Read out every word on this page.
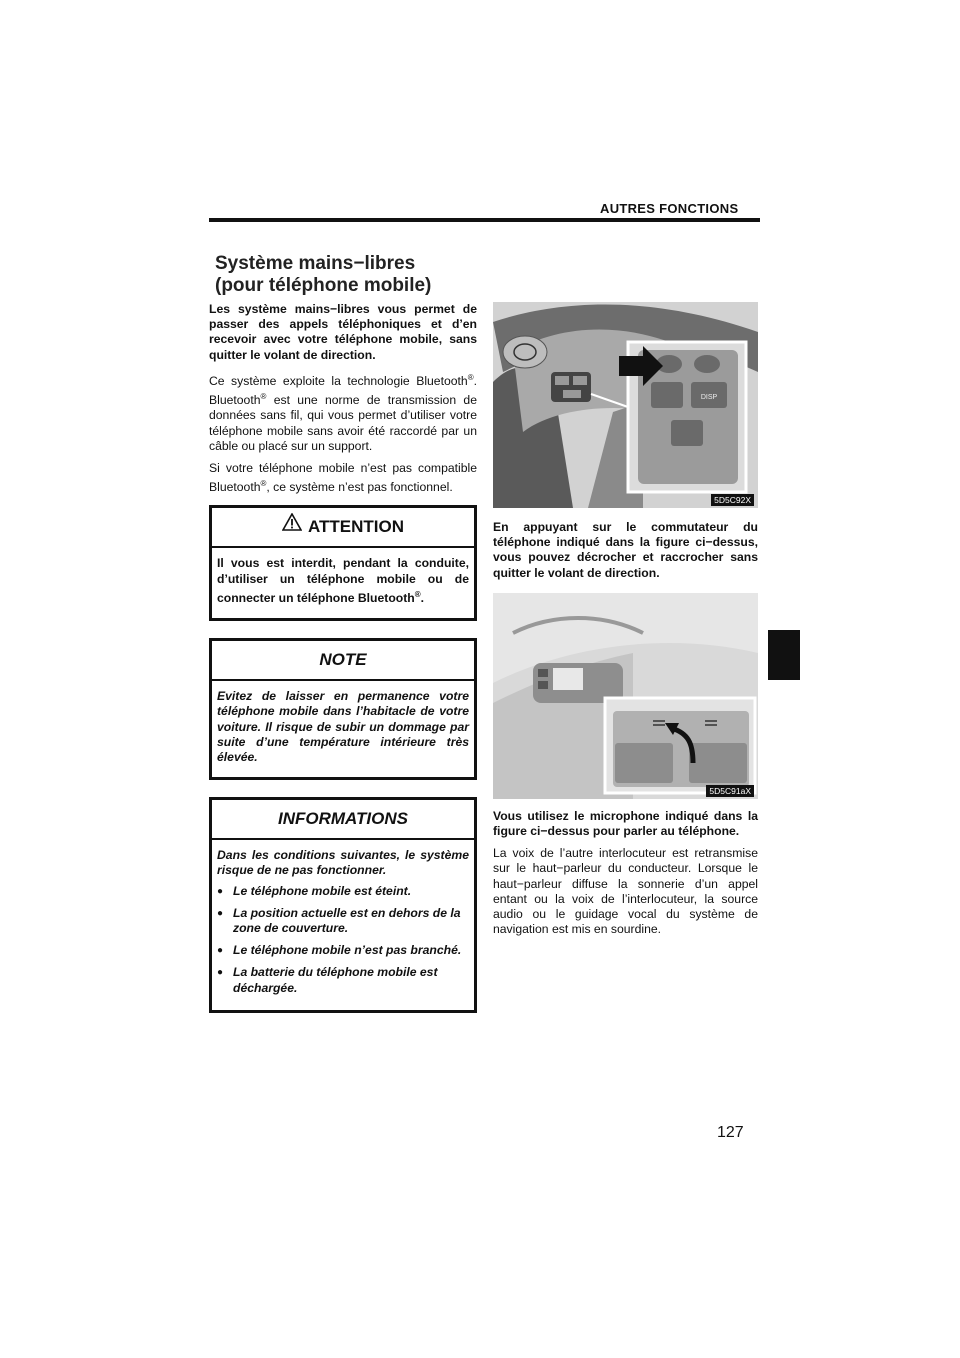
AUTRES FONCTIONS
Système mains−libres
(pour téléphone mobile)

Les système mains−libres vous permet de passer des appels téléphoniques et d’en recevoir avec votre téléphone mobile, sans quitter le volant de direction.

Ce système exploite la technologie Bluetooth®. Bluetooth® est une norme de transmission de données sans fil, qui vous permet d’utiliser votre téléphone mobile sans avoir été raccordé par un câble ou placé sur un support.

Si votre téléphone mobile n’est pas compatible Bluetooth®, ce système n’est pas fonctionnel.

ATTENTION

Il vous est interdit, pendant la conduite, d’utiliser un téléphone mobile ou de connecter un téléphone Bluetooth®.

NOTE

Evitez de laisser en permanence votre téléphone mobile dans l’habitacle de votre voiture. Il risque de subir un dommage par suite d’une température intérieure très élevée.

INFORMATIONS

Dans les conditions suivantes, le système risque de ne pas fonctionner.

● Le téléphone mobile est éteint.
● La position actuelle est en dehors de la zone de couverture.
● Le téléphone mobile n’est pas branché.
● La batterie du téléphone mobile est déchargée.
DISP
5D5C92X

En appuyant sur le commutateur du téléphone indiqué dans la figure ci−dessus, vous pouvez décrocher et raccrocher sans quitter le volant de direction.

5D5C91aX

Vous utilisez le microphone indiqué dans la figure ci−dessus pour parler au téléphone.

La voix de l’autre interlocuteur est retransmise sur le haut−parleur du conducteur. Lorsque le haut−parleur diffuse la sonnerie d’un appel entant ou la voix de l’interlocuteur, la source audio ou le guidage vocal du système de navigation est mis en sourdine.

127
